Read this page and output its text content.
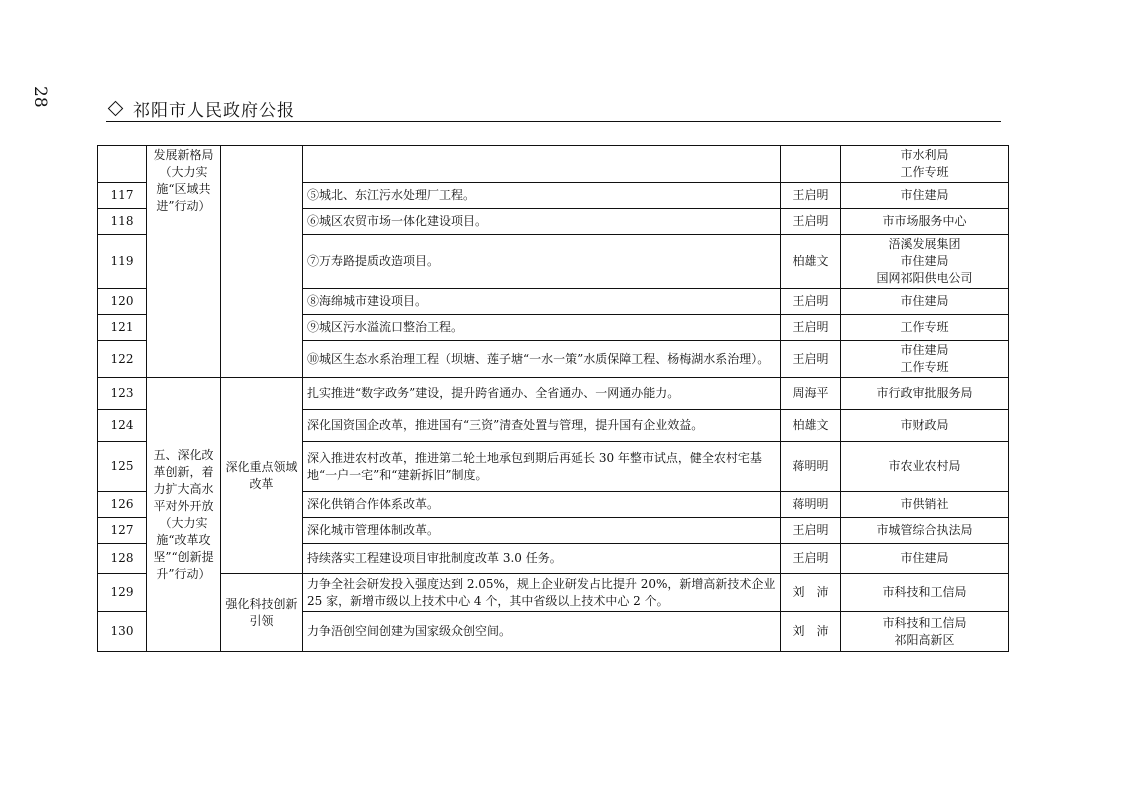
28
祁阳市人民政府公报
	发展新格局（大力实施“区域共进”行动）				市水利局
工作专班

117			⑤城北、东江污水处理厂工程。	王启明	市住建局

118			⑥城区农贸市场一体化建设项目。	王启明	市市场服务中心

119			⑦万寿路提质改造项目。	柏雄文	浯溪发展集团
市住建局
国网祁阳供电公司

120			⑧海绵城市建设项目。	王启明	市住建局

121			⑨城区污水溢流口整治工程。	王启明	工作专班

122			⑩城区生态水系治理工程（坝塘、莲子塘“一水一策”水质保障工程、杨梅湖水系治理）。	王启明	市住建局
工作专班

123	五、深化改革创新，着力扩大高水平对外开放（大力实施“改革攻坚”“创新提升”行动）	深化重点领域改革	扎实推进“数字政务”建设，提升跨省通办、全省通办、一网通办能力。	周海平	市行政审批服务局

124			深化国资国企改革，推进国有“三资”清查处置与管理，提升国有企业效益。	柏雄文	市财政局

125			深入推进农村改革，推进第二轮土地承包到期后再延长 30 年整市试点，健全农村宅基地“一户一宅”和“建新拆旧”制度。	蒋明明	市农业农村局

126			深化供销合作体系改革。	蒋明明	市供销社

127			深化城市管理体制改革。	王启明	市城管综合执法局

128			持续落实工程建设项目审批制度改革 3.0 任务。	王启明	市住建局

129		强化科技创新引领	力争全社会研发投入强度达到 2.05%，规上企业研发占比提升 20%，新增高新技术企业 25 家，新增市级以上技术中心 4 个，其中省级以上技术中心 2 个。	刘　沛	市科技和工信局

130			力争浯创空间创建为国家级众创空间。	刘　沛	市科技和工信局
祁阳高新区
